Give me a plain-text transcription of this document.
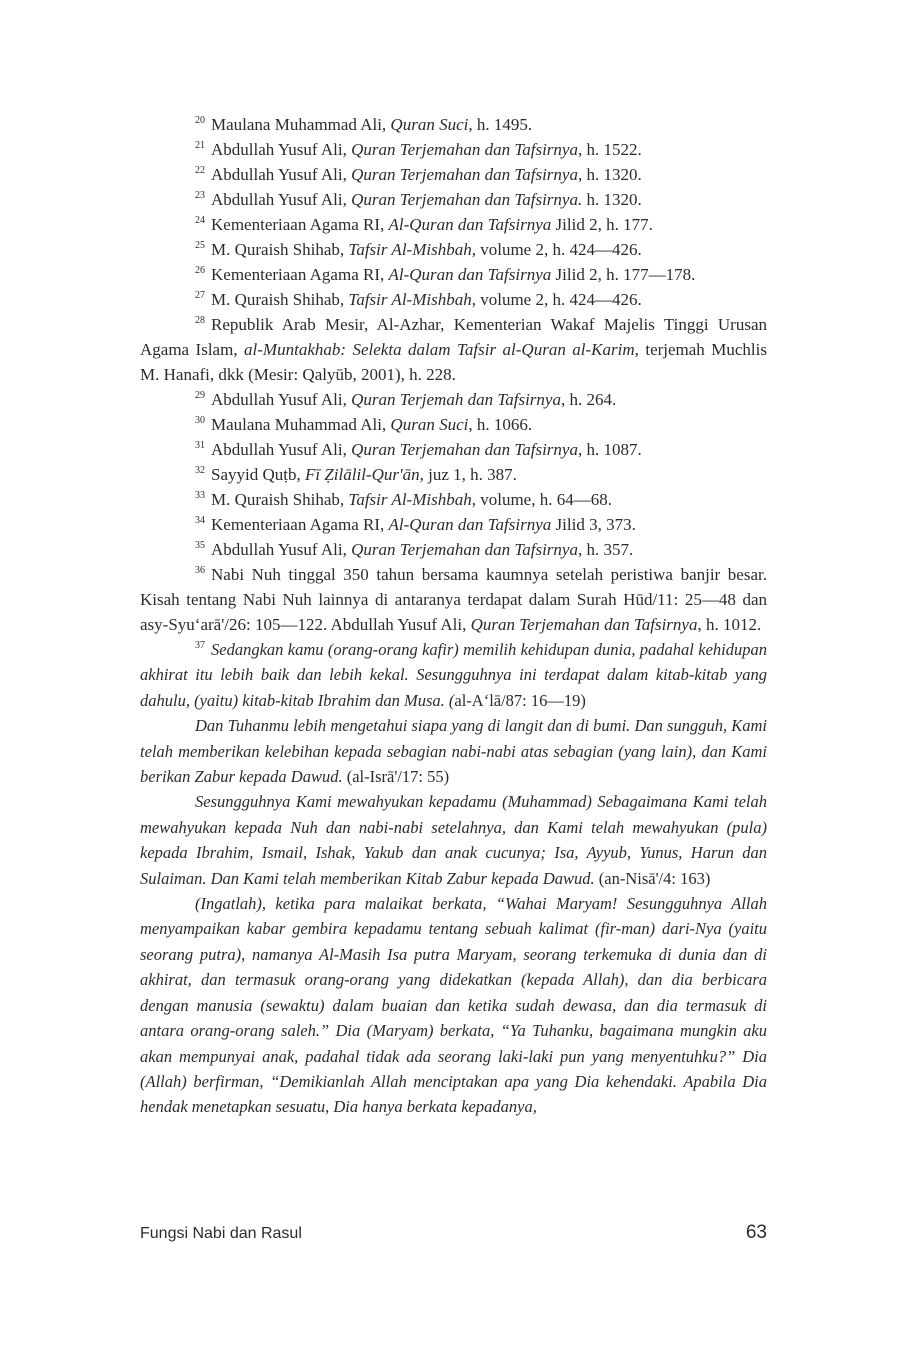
$^{20}$ Maulana Muhammad Ali, Quran Suci, h. 1495.

$^{21}$ Abdullah Yusuf Ali, Quran Terjemahan dan Tafsirnya, h. 1522.

$^{22}$ Abdullah Yusuf Ali, Quran Terjemahan dan Tafsirnya, h. 1320.

$^{23}$ Abdullah Yusuf Ali, Quran Terjemahan dan Tafsirnya. h. 1320.

$^{24}$ Kementeriaan Agama RI, Al-Quran dan Tafsirnya Jilid 2, h. 177.

$^{25}$ M. Quraish Shihab, Tafsir Al-Mishbah, volume 2, h. 424—426.

$^{26}$ Kementeriaan Agama RI, Al-Quran dan Tafsirnya Jilid 2, h. 177—178.

$^{27}$ M. Quraish Shihab, Tafsir Al-Mishbah, volume 2, h. 424—426.

$^{28}$ Republik Arab Mesir, Al-Azhar, Kementerian Wakaf Majelis Tinggi Urusan Agama Islam, al-Muntakhab: Selekta dalam Tafsir al-Quran al-Karim, terjemah Muchlis M. Hanafi, dkk (Mesir: Qalyūb, 2001), h. 228.

$^{29}$ Abdullah Yusuf Ali, Quran Terjemah dan Tafsirnya, h. 264.

$^{30}$ Maulana Muhammad Ali, Quran Suci, h. 1066.

$^{31}$ Abdullah Yusuf Ali, Quran Terjemahan dan Tafsirnya, h. 1087.

$^{32}$ Sayyid Quṭb, Fī Ẓilālil-Qur'ān, juz 1, h. 387.

$^{33}$ M. Quraish Shihab, Tafsir Al-Mishbah, volume, h. 64—68.

$^{34}$ Kementeriaan Agama RI, Al-Quran dan Tafsirnya Jilid 3, 373.

$^{35}$ Abdullah Yusuf Ali, Quran Terjemahan dan Tafsirnya, h. 357.

$^{36}$ Nabi Nuh tinggal 350 tahun bersama kaumnya setelah peristiwa banjir besar. Kisah tentang Nabi Nuh lainnya di antaranya terdapat dalam Surah Hūd/11: 25—48 dan asy-Syu‘arā'/26: 105—122. Abdullah Yusuf Ali, Quran Terjemahan dan Tafsirnya, h. 1012.

$^{37}$ Sedangkan kamu (orang-orang kafir) memilih kehidupan dunia, padahal kehidupan akhirat itu lebih baik dan lebih kekal. Sesungguhnya ini terdapat dalam kitab-kitab yang dahulu, (yaitu) kitab-kitab Ibrahim dan Musa. (al-A‘lā/87: 16—19)

Dan Tuhanmu lebih mengetahui siapa yang di langit dan di bumi. Dan sungguh, Kami telah memberikan kelebihan kepada sebagian nabi-nabi atas sebagian (yang lain), dan Kami berikan Zabur kepada Dawud. (al-Isrā'/17: 55)

Sesungguhnya Kami mewahyukan kepadamu (Muhammad) Sebagaimana Kami telah mewahyukan kepada Nuh dan nabi-nabi setelahnya, dan Kami telah mewahyukan (pula) kepada Ibrahim, Ismail, Ishak, Yakub dan anak cucunya; Isa, Ayyub, Yunus, Harun dan Sulaiman. Dan Kami telah memberikan Kitab Zabur kepada Dawud. (an-Nisā'/4: 163)

(Ingatlah), ketika para malaikat berkata, “Wahai Maryam! Sesungguhnya Allah menyampaikan kabar gembira kepadamu tentang sebuah kalimat (fir-man) dari-Nya (yaitu seorang putra), namanya Al-Masih Isa putra Maryam, seorang terkemuka di dunia dan di akhirat, dan termasuk orang-orang yang didekatkan (kepada Allah), dan dia berbicara dengan manusia (sewaktu) dalam buaian dan ketika sudah dewasa, dan dia termasuk di antara orang-orang saleh.” Dia (Maryam) berkata, “Ya Tuhanku, bagaimana mungkin aku akan mempunyai anak, padahal tidak ada seorang laki-laki pun yang menyentuhku?” Dia (Allah) berfirman, “Demikianlah Allah menciptakan apa yang Dia kehendaki. Apabila Dia hendak menetapkan sesuatu, Dia hanya berkata kepadanya,

Fungsi Nabi dan Rasul	63
